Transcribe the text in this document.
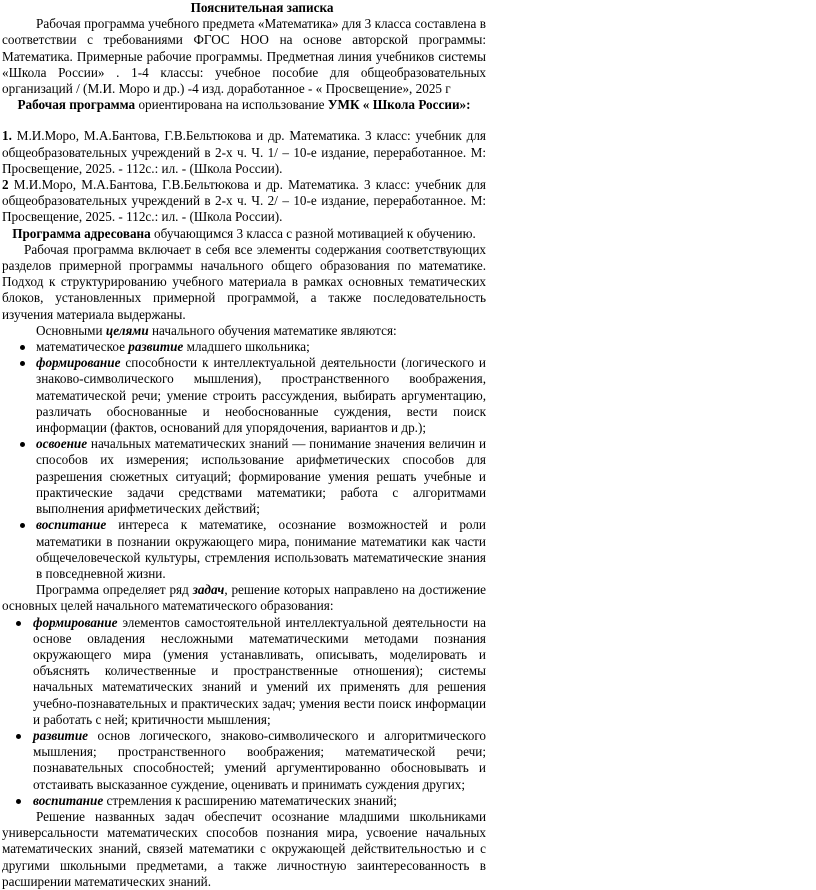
Пояснительная записка

Рабочая программа учебного предмета «Математика» для 3 класса составлена в соответствии с требованиями ФГОС НОО на основе авторской программы: Математика. Примерные рабочие программы. Предметная линия учебников системы «Школа России» . 1-4 классы: учебное пособие для общеобразовательных организаций / (М.И. Моро и др.) -4 изд. доработанное - « Просвещение», 2025 г

Рабочая программа ориентирована на использование УМК « Школа России»:

1. М.И.Моро, М.А.Бантова, Г.В.Бельтюкова и др. Математика. 3 класс: учебник для общеобразовательных учреждений в 2-х ч. Ч. 1/ – 10-е издание, переработанное. М: Просвещение, 2025. - 112с.: ил. - (Школа России).

2 М.И.Моро, М.А.Бантова, Г.В.Бельтюкова и др. Математика. 3 класс: учебник для общеобразовательных учреждений в 2-х ч. Ч. 2/ – 10-е издание, переработанное. М: Просвещение, 2025. - 112с.: ил. - (Школа России).

Программа адресована обучающимся 3 класса с разной мотивацией к обучению.

Рабочая программа включает в себя все элементы содержания соответствующих разделов примерной программы начального общего образования по математике. Подход к структурированию учебного материала в рамках основных тематических блоков, установленных примерной программой, а также последовательность изучения материала выдержаны.

Основными целями начального обучения математике являются:

математическое развитие младшего школьника;
формирование способности к интеллектуальной деятельности (логического и знаково-символического мышления), пространственного воображения, математической речи; умение строить рассуждения, выбирать аргументацию, различать обоснованные и необоснованные суждения, вести поиск информации (фактов, оснований для упорядочения, вариантов и др.);
освоение начальных математических знаний — понимание значения величин и способов их измерения; использование арифметических способов для разрешения сюжетных ситуаций; формирование умения решать учебные и практические задачи средствами математики; работа с алгоритмами выполнения арифметических действий;
воспитание интереса к математике, осознание возможностей и роли математики в познании окружающего мира, понимание математики как части общечеловеческой культуры, стремления использовать математические знания в повседневной жизни.

Программа определяет ряд задач, решение которых направлено на достижение основных целей начального математического образования:

формирование элементов самостоятельной интеллектуальной деятельности на основе овладения несложными математическими методами познания окружающего мира (умения устанавливать, описывать, моделировать и объяснять количественные и пространственные отношения); системы начальных математических знаний и умений их применять для решения учебно-познавательных и практических задач; умения вести поиск информации и работать с ней; критичности мышления;
развитие основ логического, знаково-символического и алгоритмического мышления; пространственного воображения; математической речи; познавательных способностей; умений аргументированно обосновывать и отстаивать высказанное суждение, оценивать и принимать суждения других;
воспитание стремления к расширению математических знаний;

Решение названных задач обеспечит осознание младшими школьниками универсальности математических способов познания мира, усвоение начальных математических знаний, связей математики с окружающей действительностью и с другими школьными предметами, а также личностную заинтересованность в расширении математических знаний.
